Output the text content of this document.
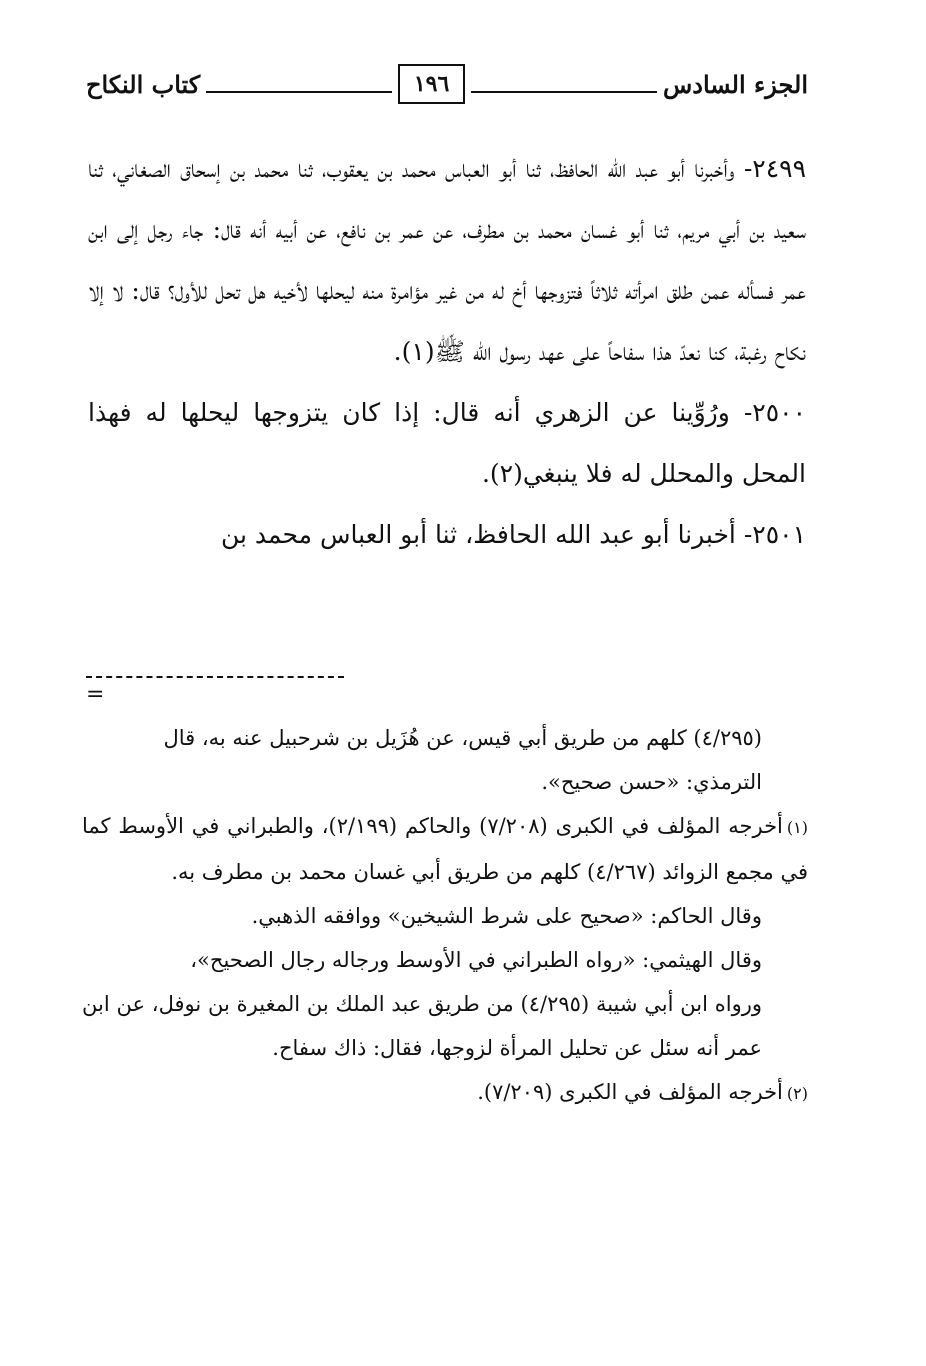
الجزء السادس
١٩٦
كتاب النكاح

٢٤٩٩- وأخبرنا أبو عبد الله الحافظ، ثنا أبو العباس محمد بن يعقوب، ثنا محمد بن إسحاق الصغاني، ثنا سعيد بن أبي مريم، ثنا أبو غسان محمد بن مطرف، عن عمر بن نافع، عن أبيه أنه قال: جاء رجل إلى ابن عمر فسأله عمن طلق امرأته ثلاثاً فتزوجها أخ له من غير مؤامرة منه ليحلها لأخيه هل تحل للأول؟ قال: لا إلا نكاح رغبة، كنا نعدّ هذا سفاحاً على عهد رسول الله ﷺ(١).

٢٥٠٠- ورُوِّينا عن الزهري أنه قال: إذا كان يتزوجها ليحلها له فهذا المحل والمحلل له فلا ينبغي(٢).

٢٥٠١- أخبرنا أبو عبد الله الحافظ، ثنا أبو العباس محمد بن

=

(٤/٢٩٥) كلهم من طريق أبي قيس، عن هُزَيل بن شرحبيل عنه به، قال

الترمذي: «حسن صحيح».

(١)أخرجه المؤلف في الكبرى (٧/٢٠٨) والحاكم (٢/١٩٩)، والطبراني في الأوسط كما في مجمع الزوائد (٤/٢٦٧) كلهم من طريق أبي غسان محمد بن مطرف به.

وقال الحاكم: «صحيح على شرط الشيخين» ووافقه الذهبي.

وقال الهيثمي: «رواه الطبراني في الأوسط ورجاله رجال الصحيح»،

ورواه ابن أبي شيبة (٤/٢٩٥) من طريق عبد الملك بن المغيرة بن نوفل، عن ابن عمر أنه سئل عن تحليل المرأة لزوجها، فقال: ذاك سفاح.

(٢)أخرجه المؤلف في الكبرى (٧/٢٠٩).
